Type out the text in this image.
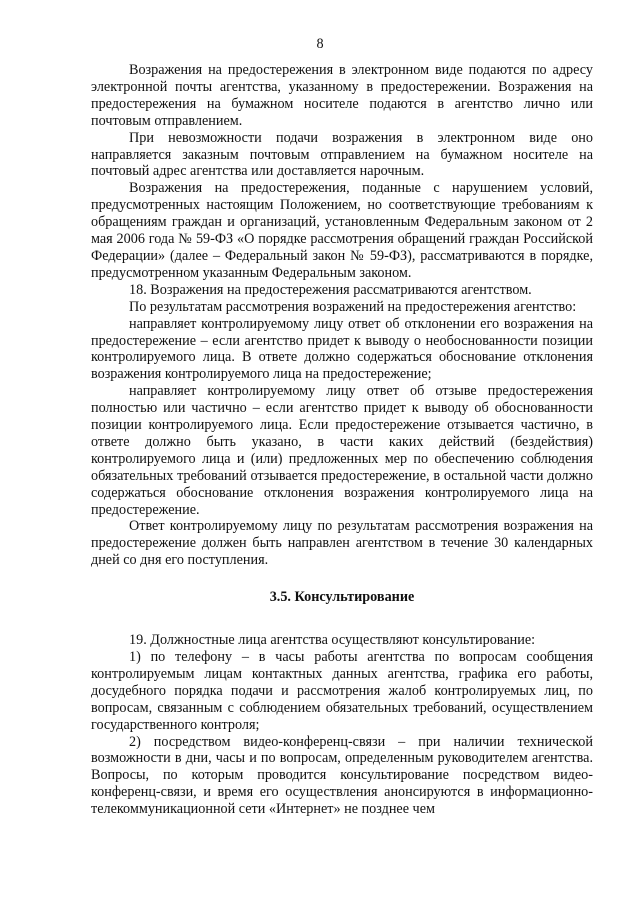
8

Возражения на предостережения в электронном виде подаются по адресу электронной почты агентства, указанному в предостережении. Возражения на предостережения на бумажном носителе подаются в агентство лично или почтовым отправлением.

При невозможности подачи возражения в электронном виде оно направляется заказным почтовым отправлением на бумажном носителе на почтовый адрес агентства или доставляется нарочным.

Возражения на предостережения, поданные с нарушением условий, предусмотренных настоящим Положением, но соответствующие требованиям к обращениям граждан и организаций, установленным Федеральным законом от 2 мая 2006 года № 59-ФЗ «О порядке рассмотрения обращений граждан Российской Федерации» (далее – Федеральный закон № 59-ФЗ), рассматриваются в порядке, предусмотренном указанным Федеральным законом.

18. Возражения на предостережения рассматриваются агентством.

По результатам рассмотрения возражений на предостережения агентство:

направляет контролируемому лицу ответ об отклонении его возражения на предостережение – если агентство придет к выводу о необоснованности позиции контролируемого лица. В ответе должно содержаться обоснование отклонения возражения контролируемого лица на предостережение;

направляет контролируемому лицу ответ об отзыве предостережения полностью или частично – если агентство придет к выводу об обоснованности позиции контролируемого лица. Если предостережение отзывается частично, в ответе должно быть указано, в части каких действий (бездействия) контролируемого лица и (или) предложенных мер по обеспечению соблюдения обязательных требований отзывается предостережение, в остальной части должно содержаться обоснование отклонения возражения контролируемого лица на предостережение.

Ответ контролируемому лицу по результатам рассмотрения возражения на предостережение должен быть направлен агентством в течение 30 календарных дней со дня его поступления.

3.5. Консультирование

19. Должностные лица агентства осуществляют консультирование:

1) по телефону – в часы работы агентства по вопросам сообщения контролируемым лицам контактных данных агентства, графика его работы, досудебного порядка подачи и рассмотрения жалоб контролируемых лиц, по вопросам, связанным с соблюдением обязательных требований, осуществлением государственного контроля;

2) посредством видео-конференц-связи – при наличии технической возможности в дни, часы и по вопросам, определенным руководителем агентства. Вопросы, по которым проводится консультирование посредством видео-конференц-связи, и время его осуществления анонсируются в информационно-телекоммуникационной сети «Интернет» не позднее чем
